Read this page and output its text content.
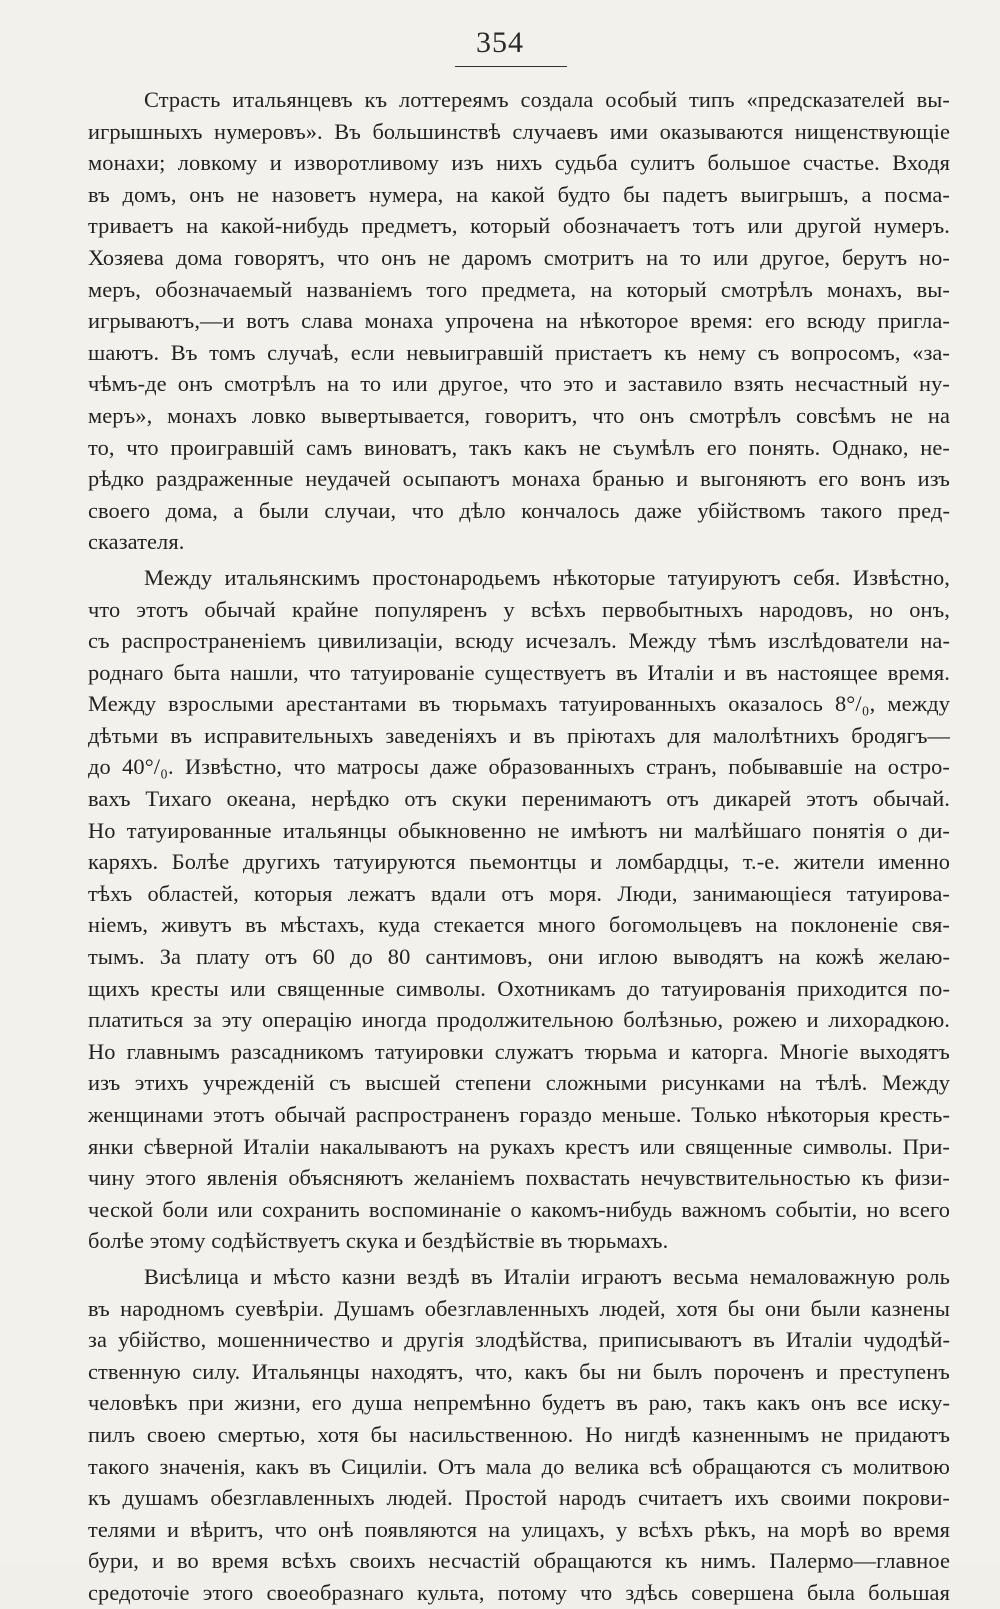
354
Страсть итальянцевъ къ лоттереямъ создала особый типъ «предсказателей вы-
игрышныхъ нумеровъ». Въ большинствѣ случаевъ ими оказываются нищенствующіе
монахи; ловкому и изворотливому изъ нихъ судьба сулитъ большое счастье. Входя
въ домъ, онъ не назоветъ нумера, на какой будто бы падетъ выигрышъ, а посма-
триваетъ на какой-нибудь предметъ, который обозначаетъ тотъ или другой нумеръ.
Хозяева дома говорятъ, что онъ не даромъ смотритъ на то или другое, берутъ но-
меръ, обозначаемый названіемъ того предмета, на который смотрѣлъ монахъ, вы-
игрываютъ,—и вотъ слава монаха упрочена на нѣкоторое время: его всюду пригла-
шаютъ. Въ томъ случаѣ, если невыигравшій пристаетъ къ нему съ вопросомъ, «за-
чѣмъ-де онъ смотрѣлъ на то или другое, что это и заставило взять несчастный ну-
меръ», монахъ ловко вывертывается, говоритъ, что онъ смотрѣлъ совсѣмъ не на
то, что проигравшій самъ виноватъ, такъ какъ не съумѣлъ его понять. Однако, не-
рѣдко раздраженные неудачей осыпаютъ монаха бранью и выгоняютъ его вонъ изъ
своего дома, а были случаи, что дѣло кончалось даже убійствомъ такого пред-
сказателя.
Между итальянскимъ простонародьемъ нѣкоторые татуируютъ себя. Извѣстно,
что этотъ обычай крайне популяренъ у всѣхъ первобытныхъ народовъ, но онъ,
съ распространеніемъ цивилизаціи, всюду исчезалъ. Между тѣмъ изслѣдователи на-
роднаго быта нашли, что татуированіе существуетъ въ Италіи и въ настоящее время.
Между взрослыми арестантами въ тюрьмахъ татуированныхъ оказалось 8°/₀, между
дѣтьми въ исправительныхъ заведеніяхъ и въ пріютахъ для малолѣтнихъ бродягъ—
до 40°/₀. Извѣстно, что матросы даже образованныхъ странъ, побывавшіе на остро-
вахъ Тихаго океана, нерѣдко отъ скуки перенимаютъ отъ дикарей этотъ обычай.
Но татуированные итальянцы обыкновенно не имѣютъ ни малѣйшаго понятія о ди-
каряхъ. Болѣе другихъ татуируются пьемонтцы и ломбардцы, т.-е. жители именно
тѣхъ областей, которыя лежатъ вдали отъ моря. Люди, занимающіеся татуирова-
ніемъ, живутъ въ мѣстахъ, куда стекается много богомольцевъ на поклоненіе свя-
тымъ. За плату отъ 60 до 80 сантимовъ, они иглою выводятъ на кожѣ желаю-
щихъ кресты или священные символы. Охотникамъ до татуированія приходится по-
платиться за эту операцію иногда продолжительною болѣзнью, рожею и лихорадкою.
Но главнымъ разсадникомъ татуировки служатъ тюрьма и каторга. Многіе выходятъ
изъ этихъ учрежденій съ высшей степени сложными рисунками на тѣлѣ. Между
женщинами этотъ обычай распространенъ гораздо меньше. Только нѣкоторыя кресть-
янки сѣверной Италіи накалываютъ на рукахъ крестъ или священные символы. При-
чину этого явленія объясняютъ желаніемъ похвастать нечувствительностью къ физи-
ческой боли или сохранить воспоминаніе о какомъ-нибудь важномъ событіи, но всего
болѣе этому содѣйствуетъ скука и бездѣйствіе въ тюрьмахъ.
Висѣлица и мѣсто казни вездѣ въ Италіи играютъ весьма немаловажную роль
въ народномъ суевѣріи. Душамъ обезглавленныхъ людей, хотя бы они были казнены
за убійство, мошенничество и другія злодѣйства, приписываютъ въ Италіи чудодѣй-
ственную силу. Итальянцы находятъ, что, какъ бы ни былъ пороченъ и преступенъ
человѣкъ при жизни, его душа непремѣнно будетъ въ раю, такъ какъ онъ все иску-
пилъ своею смертью, хотя бы насильственною. Но нигдѣ казненнымъ не придаютъ
такого значенія, какъ въ Сициліи. Отъ мала до велика всѣ обращаются съ молитвою
къ душамъ обезглавленныхъ людей. Простой народъ считаетъ ихъ своими покрови-
телями и вѣритъ, что онѣ появляются на улицахъ, у всѣхъ рѣкъ, на морѣ во время
бури, и во время всѣхъ своихъ несчастій обращаются къ нимъ. Палермо—главное
средоточіе этого своеобразнаго культа, потому что здѣсь совершена была большая
